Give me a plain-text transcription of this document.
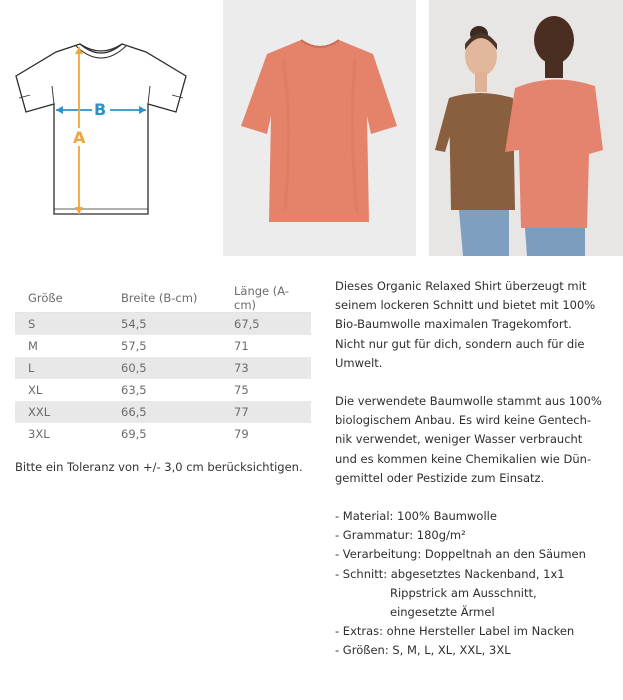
B
A
Größe	Breite (B-cm)	Länge (A-cm)
S	54,5	67,5
M	57,5	71
L	60,5	73
XL	63,5	75
XXL	66,5	77
3XL	69,5	79
Bitte ein Toleranz von +/- 3,0 cm berücksichtigen.

Dieses Organic Relaxed Shirt überzeugt mit
seinem lockeren Schnitt und bietet mit 100%
Bio-Baumwolle maximalen Tragekomfort.
Nicht nur gut für dich, sondern auch für die
Umwelt.

Die verwendete Baumwolle stammt aus 100%
biologischem Anbau. Es wird keine Gentech-
nik verwendet, weniger Wasser verbraucht
und es kommen keine Chemikalien wie Dün-
gemittel oder Pestizide zum Einsatz.

- Material: 100% Baumwolle
- Grammatur: 180g/m²
- Verarbeitung: Doppeltnah an den Säumen
- Schnitt: abgesetztes Nackenband, 1x1
Rippstrick am Ausschnitt,
eingesetzte Ärmel
- Extras: ohne Hersteller Label im Nacken
- Größen: S, M, L, XL, XXL, 3XL
